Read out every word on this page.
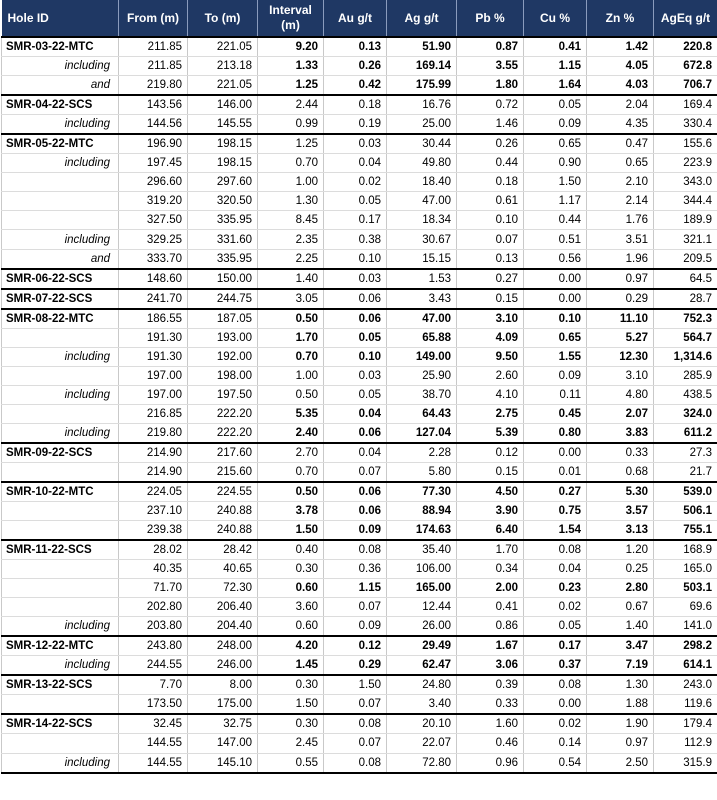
Hole ID	From (m)	To (m)	Interval (m)	Au g/t	Ag g/t	Pb %	Cu %	Zn %	AgEq g/t
SMR-03-22-MTC	211.85	221.05	9.20	0.13	51.90	0.87	0.41	1.42	220.8
including	211.85	213.18	1.33	0.26	169.14	3.55	1.15	4.05	672.8
and	219.80	221.05	1.25	0.42	175.99	1.80	1.64	4.03	706.7
SMR-04-22-SCS	143.56	146.00	2.44	0.18	16.76	0.72	0.05	2.04	169.4
including	144.56	145.55	0.99	0.19	25.00	1.46	0.09	4.35	330.4
SMR-05-22-MTC	196.90	198.15	1.25	0.03	30.44	0.26	0.65	0.47	155.6
including	197.45	198.15	0.70	0.04	49.80	0.44	0.90	0.65	223.9
	296.60	297.60	1.00	0.02	18.40	0.18	1.50	2.10	343.0
	319.20	320.50	1.30	0.05	47.00	0.61	1.17	2.14	344.4
	327.50	335.95	8.45	0.17	18.34	0.10	0.44	1.76	189.9
including	329.25	331.60	2.35	0.38	30.67	0.07	0.51	3.51	321.1
and	333.70	335.95	2.25	0.10	15.15	0.13	0.56	1.96	209.5
SMR-06-22-SCS	148.60	150.00	1.40	0.03	1.53	0.27	0.00	0.97	64.5
SMR-07-22-SCS	241.70	244.75	3.05	0.06	3.43	0.15	0.00	0.29	28.7
SMR-08-22-MTC	186.55	187.05	0.50	0.06	47.00	3.10	0.10	11.10	752.3
	191.30	193.00	1.70	0.05	65.88	4.09	0.65	5.27	564.7
including	191.30	192.00	0.70	0.10	149.00	9.50	1.55	12.30	1,314.6
	197.00	198.00	1.00	0.03	25.90	2.60	0.09	3.10	285.9
including	197.00	197.50	0.50	0.05	38.70	4.10	0.11	4.80	438.5
	216.85	222.20	5.35	0.04	64.43	2.75	0.45	2.07	324.0
including	219.80	222.20	2.40	0.06	127.04	5.39	0.80	3.83	611.2
SMR-09-22-SCS	214.90	217.60	2.70	0.04	2.28	0.12	0.00	0.33	27.3
	214.90	215.60	0.70	0.07	5.80	0.15	0.01	0.68	21.7
SMR-10-22-MTC	224.05	224.55	0.50	0.06	77.30	4.50	0.27	5.30	539.0
	237.10	240.88	3.78	0.06	88.94	3.90	0.75	3.57	506.1
	239.38	240.88	1.50	0.09	174.63	6.40	1.54	3.13	755.1
SMR-11-22-SCS	28.02	28.42	0.40	0.08	35.40	1.70	0.08	1.20	168.9
	40.35	40.65	0.30	0.36	106.00	0.34	0.04	0.25	165.0
	71.70	72.30	0.60	1.15	165.00	2.00	0.23	2.80	503.1
	202.80	206.40	3.60	0.07	12.44	0.41	0.02	0.67	69.6
including	203.80	204.40	0.60	0.09	26.00	0.86	0.05	1.40	141.0
SMR-12-22-MTC	243.80	248.00	4.20	0.12	29.49	1.67	0.17	3.47	298.2
including	244.55	246.00	1.45	0.29	62.47	3.06	0.37	7.19	614.1
SMR-13-22-SCS	7.70	8.00	0.30	1.50	24.80	0.39	0.08	1.30	243.0
	173.50	175.00	1.50	0.07	3.40	0.33	0.00	1.88	119.6
SMR-14-22-SCS	32.45	32.75	0.30	0.08	20.10	1.60	0.02	1.90	179.4
	144.55	147.00	2.45	0.07	22.07	0.46	0.14	0.97	112.9
including	144.55	145.10	0.55	0.08	72.80	0.96	0.54	2.50	315.9
